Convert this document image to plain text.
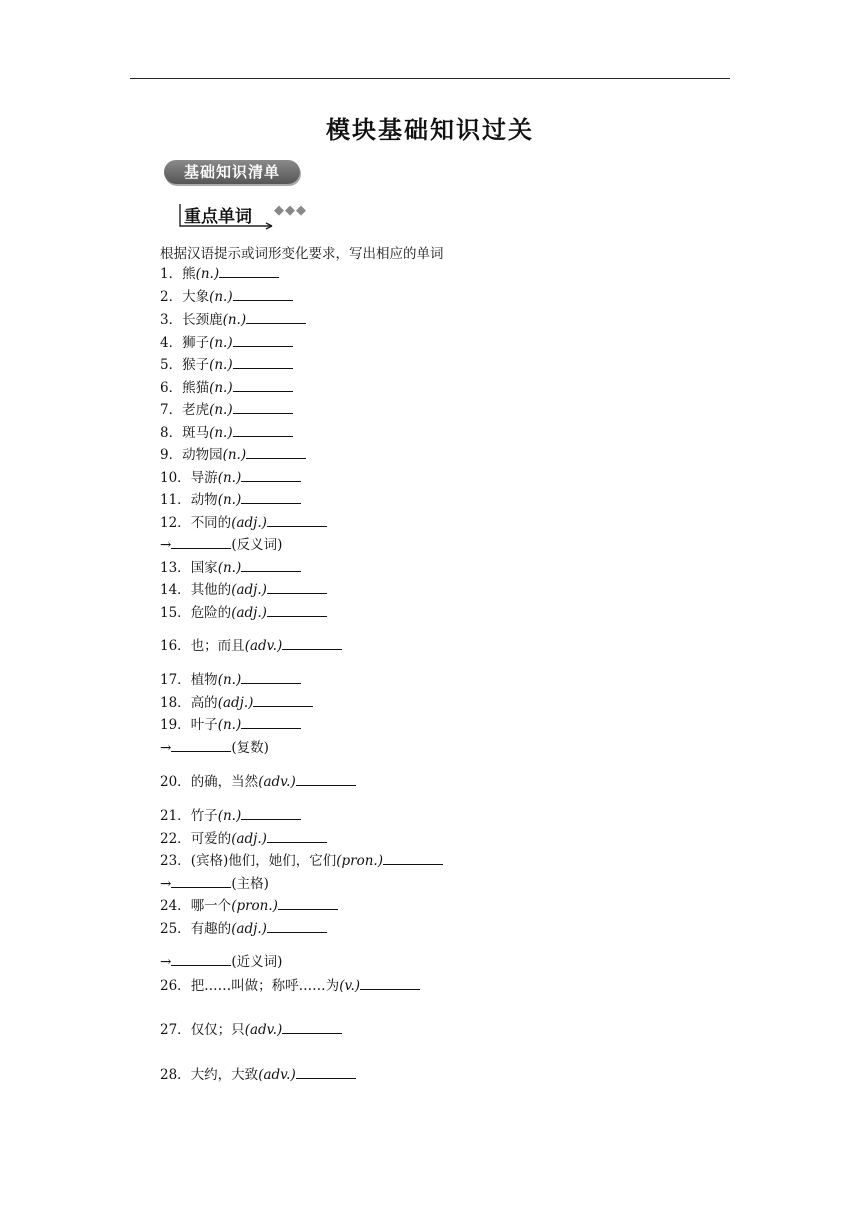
模块基础知识过关
基础知识清单
重点单词 ◆◆◆
根据汉语提示或词形变化要求，写出相应的单词
1．熊(n.)
2．大象(n.)
3．长颈鹿(n.)
4．狮子(n.)
5．猴子(n.)
6．熊猫(n.)
7．老虎(n.)
8．斑马(n.)
9．动物园(n.)
10．导游(n.)
11．动物(n.)
12．不同的(adj.)
→	(反义词)
13．国家(n.)
14．其他的(adj.)
15．危险的(adj.)
16．也；而且(adv.)
17．植物(n.)
18．高的(adj.)
19．叶子(n.)
→	(复数)
20．的确，当然(adv.)
21．竹子(n.)
22．可爱的(adj.)
23．(宾格)他们，她们，它们(pron.)
→	(主格)
24．哪一个(pron.)
25．有趣的(adj.)
→	(近义词)
26．把……叫做；称呼……为(v.)
27．仅仅；只(adv.)
28．大约，大致(adv.)
